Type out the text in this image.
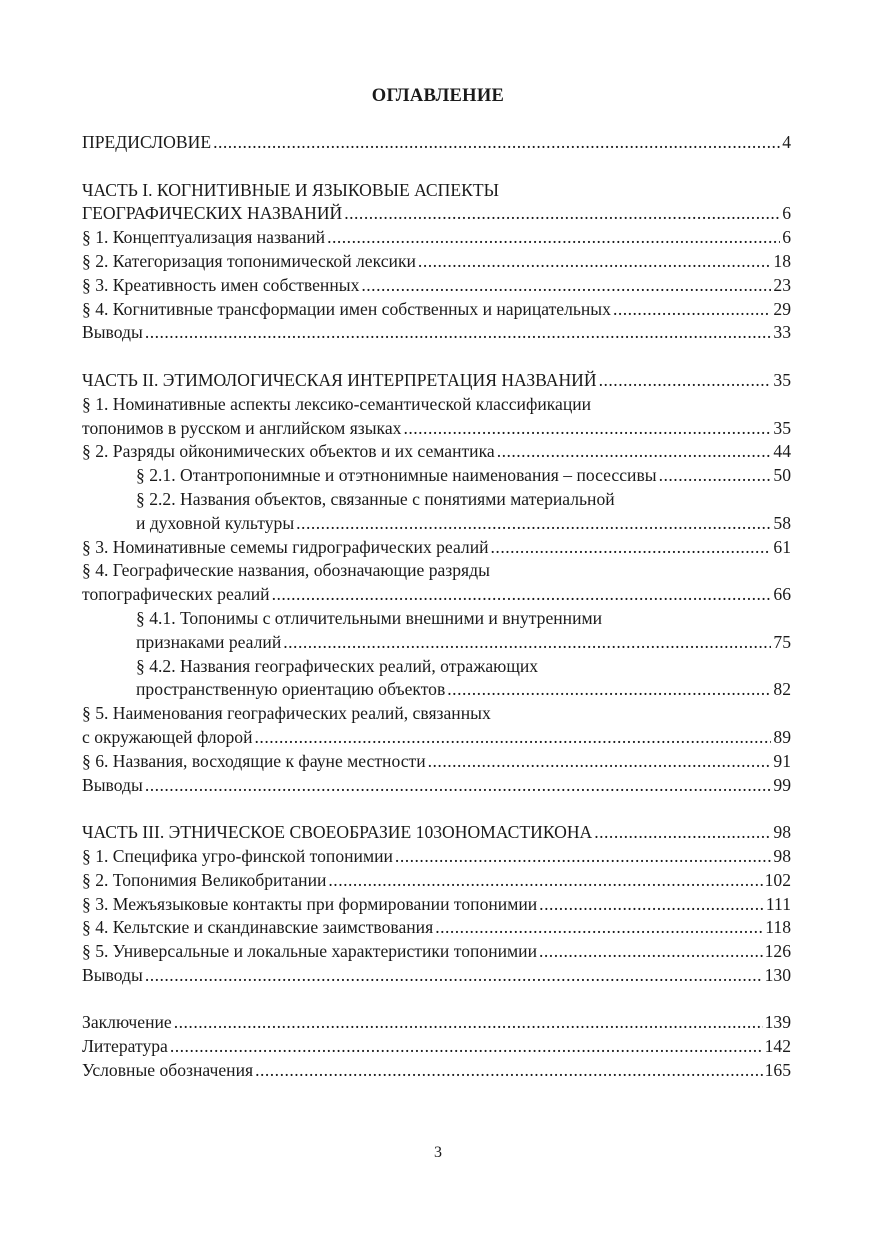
ОГЛАВЛЕНИЕ
ПРЕДИСЛОВИЕ .....	4
ЧАСТЬ I. КОГНИТИВНЫЕ И ЯЗЫКОВЫЕ АСПЕКТЫ
ГЕОГРАФИЧЕСКИХ НАЗВАНИЙ .....	6
§ 1. Концептуализация названий .....	6
§ 2. Категоризация топонимической лексики .....	18
§ 3. Креативность имен собственных .....	23
§ 4. Когнитивные трансформации имен собственных и нарицательных .....	29
Выводы .....	33
ЧАСТЬ II. ЭТИМОЛОГИЧЕСКАЯ ИНТЕРПРЕТАЦИЯ НАЗВАНИЙ .....	35
§ 1. Номинативные аспекты лексико-семантической классификации
топонимов в русском и английском языках .....	35
§ 2. Разряды ойконимических объектов и их семантика .....	44
§ 2.1. Отантропонимные и отэтнонимные наименования – посессивы .....	50
§ 2.2. Названия объектов, связанные с понятиями материальной
и духовной культуры .....	58
§ 3. Номинативные семемы гидрографических реалий .....	61
§ 4. Географические названия, обозначающие разряды
топографических реалий .....	66
§ 4.1. Топонимы с отличительными внешними и внутренними
признаками реалий .....	75
§ 4.2. Названия географических реалий, отражающих
пространственную ориентацию объектов .....	82
§ 5. Наименования географических реалий, связанных
с окружающей флорой .....	89
§ 6. Названия, восходящие к фауне местности .....	91
Выводы .....	99
ЧАСТЬ III. ЭТНИЧЕСКОЕ СВОЕОБРАЗИЕ 103ОНОМАСТИКОНА .....	98
§ 1. Специфика угро-финской топонимии .....	98
§ 2. Топонимия Великобритании .....	102
§ 3. Межъязыковые контакты при формировании топонимии .....	111
§ 4. Кельтские и скандинавские заимствования .....	118
§ 5. Универсальные и локальные характеристики топонимии .....	126
Выводы .....	130
Заключение .....	139
Литература .....	142
Условные обозначения .....	165
3
